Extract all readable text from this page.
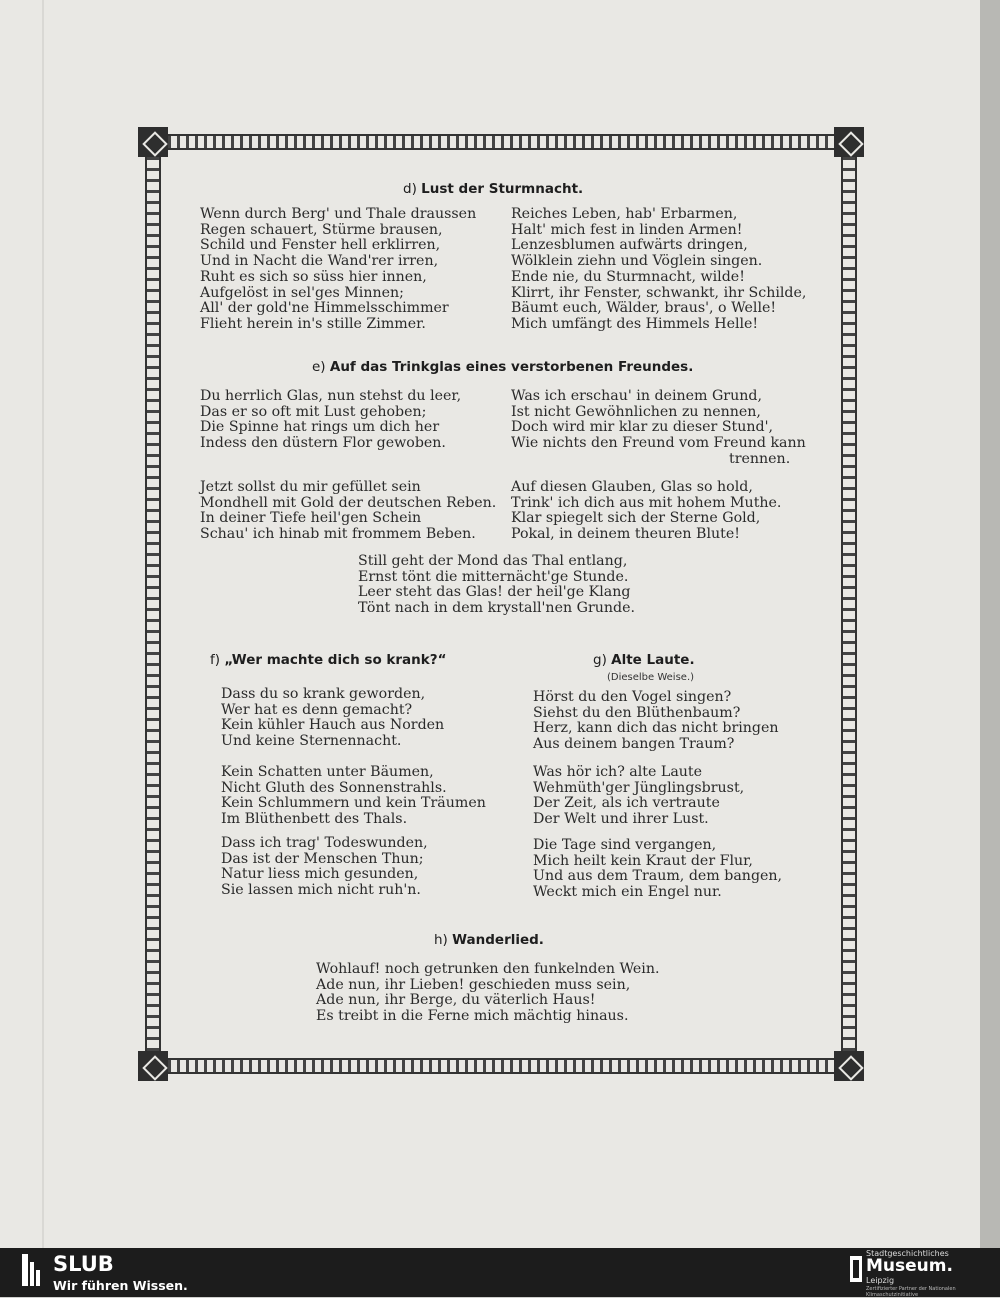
d) Lust der Sturmnacht.
Wenn durch Berg' und Thale draussen
Regen schauert, Stürme brausen,
Schild und Fenster hell erklirren,
Und in Nacht die Wand'rer irren,
Ruht es sich so süss hier innen,
Aufgelöst in sel'ges Minnen;
All' der gold'ne Himmelsschimmer
Flieht herein in's stille Zimmer.
Reiches Leben, hab' Erbarmen,
Halt' mich fest in linden Armen!
Lenzesblumen aufwärts dringen,
Wölklein ziehn und Vöglein singen.
Ende nie, du Sturmnacht, wilde!
Klirrt, ihr Fenster, schwankt, ihr Schilde,
Bäumt euch, Wälder, braus', o Welle!
Mich umfängt des Himmels Helle!
e) Auf das Trinkglas eines verstorbenen Freundes.
Du herrlich Glas, nun stehst du leer,
Das er so oft mit Lust gehoben;
Die Spinne hat rings um dich her
Indess den düstern Flor gewoben.
Was ich erschau' in deinem Grund,
Ist nicht Gewöhnlichen zu nennen,
Doch wird mir klar zu dieser Stund',
Wie nichts den Freund vom Freund kann
trennen.
Jetzt sollst du mir gefüllet sein
Mondhell mit Gold der deutschen Reben.
In deiner Tiefe heil'gen Schein
Schau' ich hinab mit frommem Beben.
Auf diesen Glauben, Glas so hold,
Trink' ich dich aus mit hohem Muthe.
Klar spiegelt sich der Sterne Gold,
Pokal, in deinem theuren Blute!
Still geht der Mond das Thal entlang,
Ernst tönt die mitternächt'ge Stunde.
Leer steht das Glas! der heil'ge Klang
Tönt nach in dem krystall'nen Grunde.
f) „Wer machte dich so krank?“
Dass du so krank geworden,
Wer hat es denn gemacht?
Kein kühler Hauch aus Norden
Und keine Sternennacht.
Kein Schatten unter Bäumen,
Nicht Gluth des Sonnenstrahls.
Kein Schlummern und kein Träumen
Im Blüthenbett des Thals.
Dass ich trag' Todeswunden,
Das ist der Menschen Thun;
Natur liess mich gesunden,
Sie lassen mich nicht ruh'n.
g) Alte Laute.
(Dieselbe Weise.)
Hörst du den Vogel singen?
Siehst du den Blüthenbaum?
Herz, kann dich das nicht bringen
Aus deinem bangen Traum?
Was hör ich? alte Laute
Wehmüth'ger Jünglingsbrust,
Der Zeit, als ich vertraute
Der Welt und ihrer Lust.
Die Tage sind vergangen,
Mich heilt kein Kraut der Flur,
Und aus dem Traum, dem bangen,
Weckt mich ein Engel nur.
h) Wanderlied.
Wohlauf! noch getrunken den funkelnden Wein.
Ade nun, ihr Lieben! geschieden muss sein,
Ade nun, ihr Berge, du väterlich Haus!
Es treibt in die Ferne mich mächtig hinaus.
SLUB
Wir führen Wissen.
Stadtgeschichtliches
Museum.
Leipzig
Zertifizierter Partner der Nationalen Klimaschutzinitiative
